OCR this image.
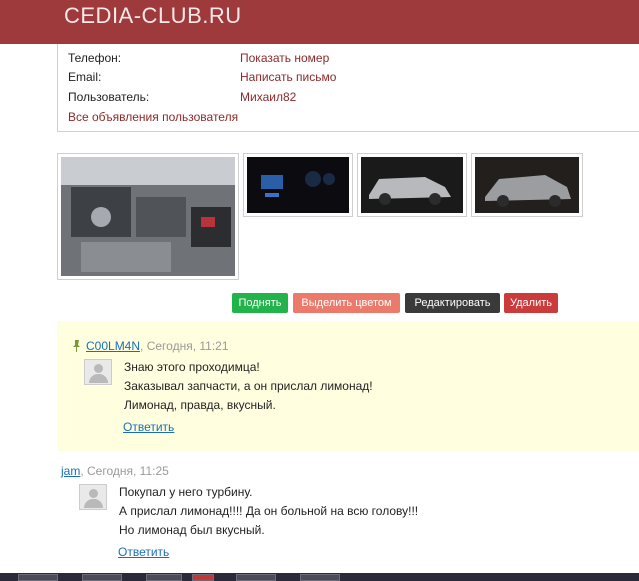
CEDIA-CLUB.RU
Телефон:	Показать номер
Email:	Написать письмо
Пользователь:	Михаил82
Все объявления пользователя
Поднять	Выделить цветом	Редактировать	Удалить
C00LM4N, Сегодня, 11:21
Знаю этого проходимца!
Заказывал запчасти, а он прислал лимонад!
Лимонад, правда, вкусный.
Ответить
jam, Сегодня, 11:25
Покупал у него турбину.
А прислал лимонад!!!! Да он больной на всю голову!!!
Но лимонад был вкусный.
Ответить
